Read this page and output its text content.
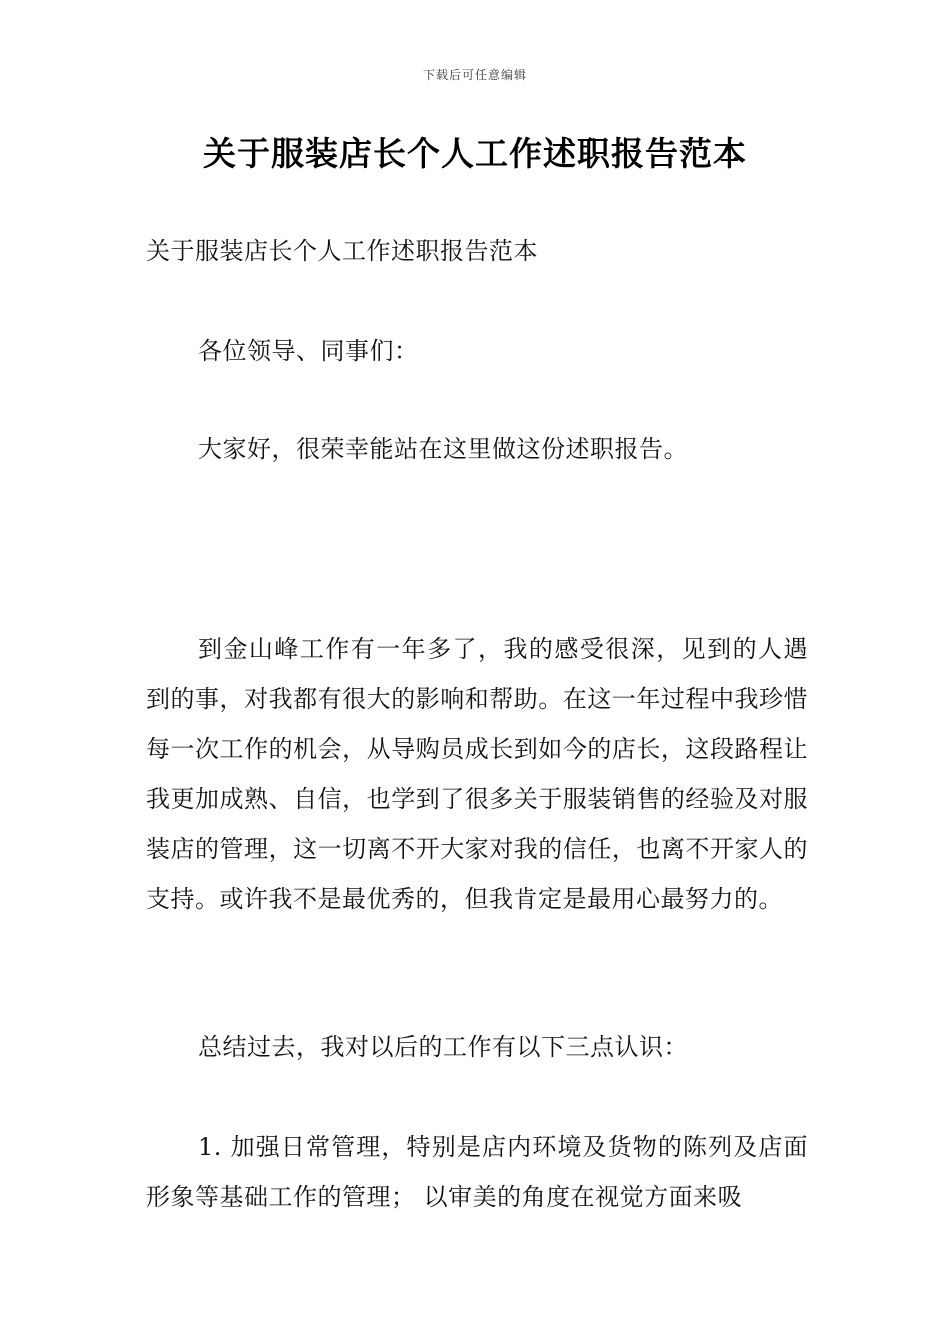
下载后可任意编辑
关于服装店长个人工作述职报告范本

关于服装店长个人工作述职报告范本

各位领导、同事们：

大家好，很荣幸能站在这里做这份述职报告。

到金山峰工作有一年多了，我的感受很深，见到的人遇到的事，对我都有很大的影响和帮助。在这一年过程中我珍惜每一次工作的机会，从导购员成长到如今的店长，这段路程让我更加成熟、自信，也学到了很多关于服装销售的经验及对服装店的管理，这一切离不开大家对我的信任，也离不开家人的支持。或许我不是最优秀的，但我肯定是最用心最努力的。

总结过去，我对以后的工作有以下三点认识：

1. 加强日常管理，特别是店内环境及货物的陈列及店面形象等基础工作的管理； 以审美的角度在视觉方面来吸
